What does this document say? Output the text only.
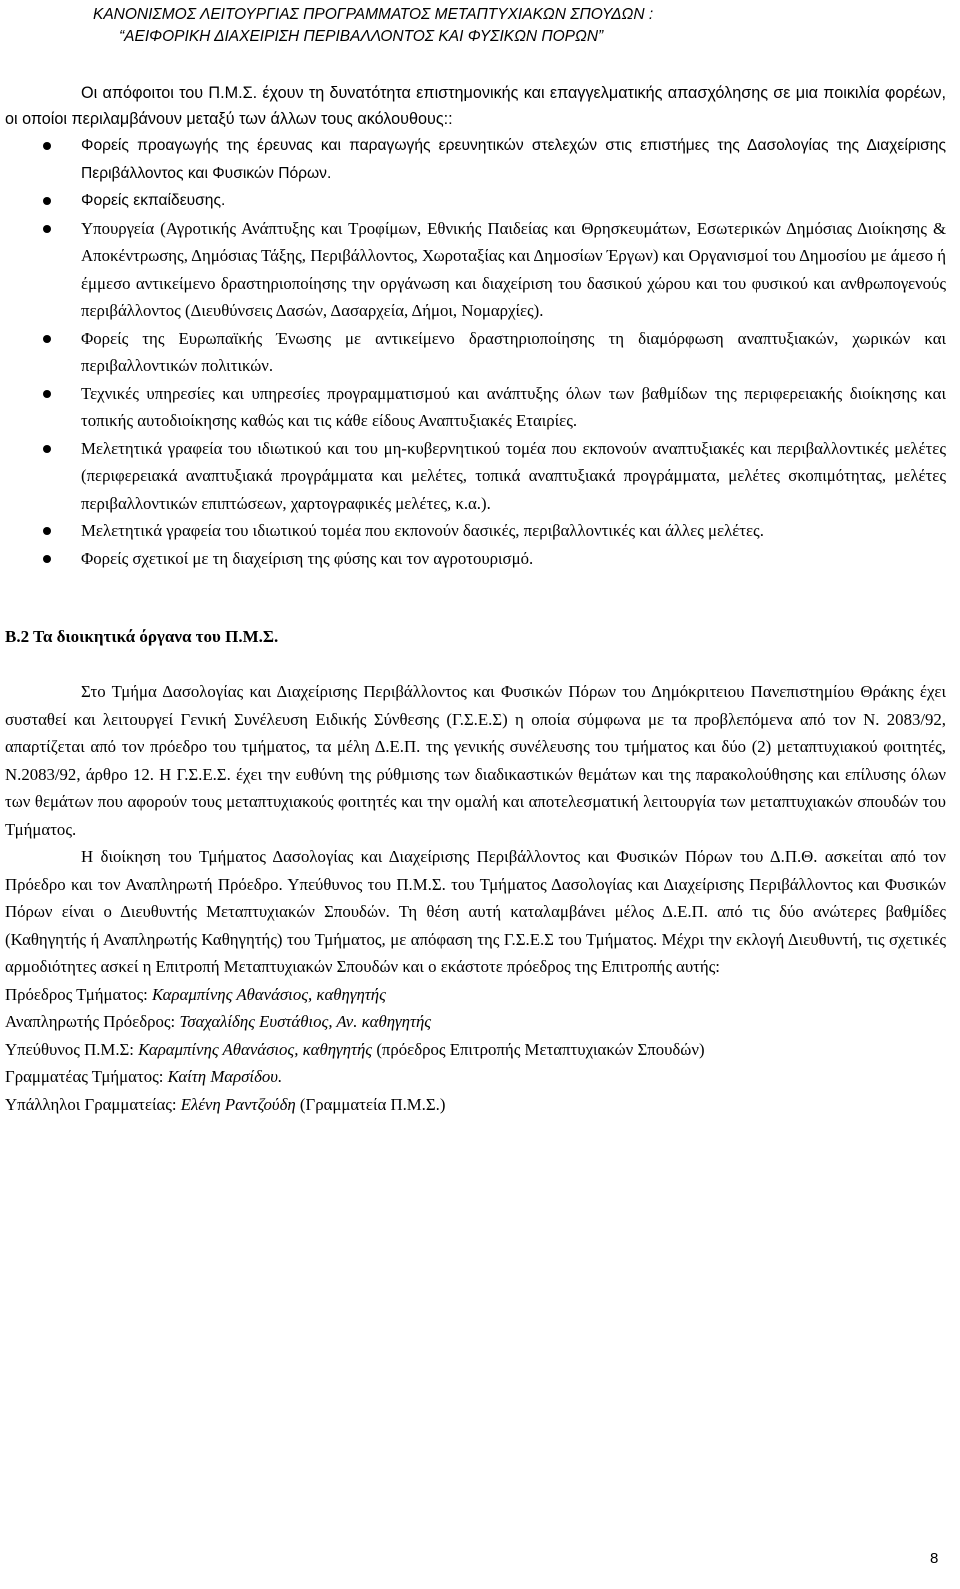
ΚΑΝΟΝΙΣΜΟΣ ΛΕΙΤΟΥΡΓΙΑΣ ΠΡΟΓΡΑΜΜΑΤΟΣ ΜΕΤΑΠΤΥΧΙΑΚΩΝ ΣΠΟΥΔΩΝ :
“ΑΕΙΦΟΡΙΚΗ ΔΙΑΧΕΙΡΙΣΗ ΠΕΡΙΒΑΛΛΟΝΤΟΣ ΚΑΙ ΦΥΣΙΚΩΝ ΠΟΡΩΝ”

Οι απόφοιτοι του Π.Μ.Σ. έχουν τη δυνατότητα επιστημονικής και επαγγελματικής απασχόλησης σε μια ποικιλία φορέων, οι οποίοι περιλαμβάνουν μεταξύ των άλλων τους ακόλουθους::

Φορείς προαγωγής της έρευνας και παραγωγής ερευνητικών στελεχών στις επιστήμες της Δασολογίας της Διαχείρισης Περιβάλλοντος και Φυσικών Πόρων.
Φορείς εκπαίδευσης.
Υπουργεία (Αγροτικής Ανάπτυξης και Τροφίμων, Εθνικής Παιδείας και Θρησκευμάτων, Εσωτερικών Δημόσιας Διοίκησης & Αποκέντρωσης, Δημόσιας Τάξης, Περιβάλλοντος, Χωροταξίας και Δημοσίων Έργων) και Οργανισμοί του Δημοσίου με άμεσο ή έμμεσο αντικείμενο δραστηριοποίησης την οργάνωση και διαχείριση του δασικού χώρου και του φυσικού και ανθρωπογενούς περιβάλλοντος (Διευθύνσεις Δασών, Δασαρχεία, Δήμοι, Νομαρχίες).
Φορείς της Ευρωπαϊκής Ένωσης με αντικείμενο δραστηριοποίησης τη διαμόρφωση αναπτυξιακών, χωρικών και περιβαλλοντικών πολιτικών.
Τεχνικές υπηρεσίες και υπηρεσίες προγραμματισμού και ανάπτυξης όλων των βαθμίδων της περιφερειακής διοίκησης και τοπικής αυτοδιοίκησης καθώς και τις κάθε είδους Αναπτυξιακές Εταιρίες.
Μελετητικά γραφεία του ιδιωτικού και του μη-κυβερνητικού τομέα που εκπονούν αναπτυξιακές και περιβαλλοντικές μελέτες (περιφερειακά αναπτυξιακά προγράμματα και μελέτες, τοπικά αναπτυξιακά προγράμματα, μελέτες σκοπιμότητας, μελέτες περιβαλλοντικών επιπτώσεων, χαρτογραφικές μελέτες, κ.α.).
Μελετητικά γραφεία του ιδιωτικού τομέα που εκπονούν δασικές, περιβαλλοντικές και άλλες μελέτες.
Φορείς σχετικοί με τη διαχείριση της φύσης και τον αγροτουρισμό.
Β.2 Τα διοικητικά όργανα του Π.Μ.Σ.

Στο Τμήμα Δασολογίας και Διαχείρισης Περιβάλλοντος και Φυσικών Πόρων του Δημόκριτειου Πανεπιστημίου Θράκης έχει συσταθεί και λειτουργεί Γενική Συνέλευση Ειδικής Σύνθεσης (Γ.Σ.Ε.Σ) η οποία σύμφωνα με τα προβλεπόμενα από τον Ν. 2083/92, απαρτίζεται από τον πρόεδρο του τμήματος, τα μέλη Δ.Ε.Π. της γενικής συνέλευσης του τμήματος και δύο (2) μεταπτυχιακού φοιτητές, Ν.2083/92, άρθρο 12. Η Γ.Σ.Ε.Σ. έχει την ευθύνη της ρύθμισης των διαδικαστικών θεμάτων και της παρακολούθησης και επίλυσης όλων των θεμάτων που αφορούν τους μεταπτυχιακούς φοιτητές και την ομαλή και αποτελεσματική λειτουργία των μεταπτυχιακών σπουδών του Τμήματος.

Η διοίκηση του Τμήματος Δασολογίας και Διαχείρισης Περιβάλλοντος και Φυσικών Πόρων του Δ.Π.Θ. ασκείται από τον Πρόεδρο και τον Αναπληρωτή Πρόεδρο. Υπεύθυνος του Π.Μ.Σ. του Τμήματος Δασολογίας και Διαχείρισης Περιβάλλοντος και Φυσικών Πόρων είναι ο Διευθυντής Μεταπτυχιακών Σπουδών. Τη θέση αυτή καταλαμβάνει μέλος Δ.Ε.Π. από τις δύο ανώτερες βαθμίδες (Καθηγητής ή Αναπληρωτής Καθηγητής) του Τμήματος, με απόφαση της Γ.Σ.Ε.Σ του Τμήματος. Μέχρι την εκλογή Διευθυντή, τις σχετικές αρμοδιότητες ασκεί η Επιτροπή Μεταπτυχιακών Σπουδών και ο εκάστοτε πρόεδρος της Επιτροπής αυτής:

Πρόεδρος Τμήματος: Καραμπίνης Αθανάσιος, καθηγητής

Αναπληρωτής Πρόεδρος: Τσαχαλίδης Ευστάθιος, Αν. καθηγητής

Υπεύθυνος Π.Μ.Σ: Καραμπίνης Αθανάσιος, καθηγητής (πρόεδρος Επιτροπής Μεταπτυχιακών Σπουδών)

Γραμματέας Τμήματος: Καίτη Μαρσίδου.

Υπάλληλοι Γραμματείας: Ελένη Ραντζούδη (Γραμματεία Π.Μ.Σ.)

8
